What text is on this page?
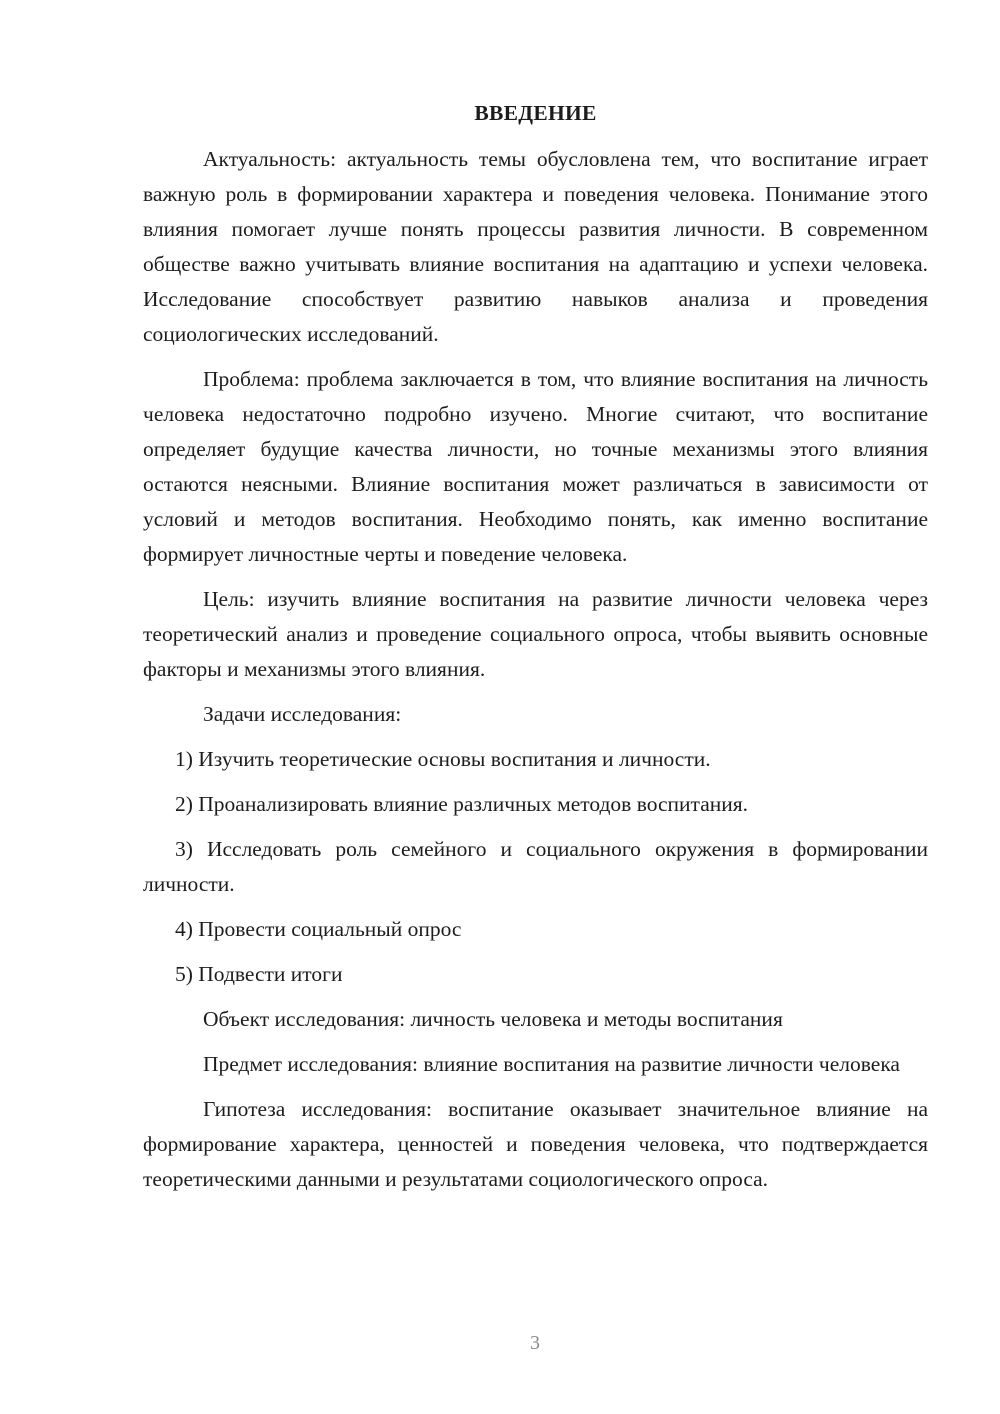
ВВЕДЕНИЕ

Актуальность: актуальность темы обусловлена тем, что воспитание играет важную роль в формировании характера и поведения человека. Понимание этого влияния помогает лучше понять процессы развития личности. В современном обществе важно учитывать влияние воспитания на адаптацию и успехи человека. Исследование способствует развитию навыков анализа и проведения социологических исследований.

Проблема: проблема заключается в том, что влияние воспитания на личность человека недостаточно подробно изучено. Многие считают, что воспитание определяет будущие качества личности, но точные механизмы этого влияния остаются неясными. Влияние воспитания может различаться в зависимости от условий и методов воспитания. Необходимо понять, как именно воспитание формирует личностные черты и поведение человека.

Цель: изучить влияние воспитания на развитие личности человека через теоретический анализ и проведение социального опроса, чтобы выявить основные факторы и механизмы этого влияния.

Задачи исследования:

1) Изучить теоретические основы воспитания и личности.

2) Проанализировать влияние различных методов воспитания.

3) Исследовать роль семейного и социального окружения в формировании личности.

4) Провести социальный опрос

5) Подвести итоги

Объект исследования: личность человека и методы воспитания

Предмет исследования: влияние воспитания на развитие личности человека

Гипотеза исследования: воспитание оказывает значительное влияние на формирование характера, ценностей и поведения человека, что подтверждается теоретическими данными и результатами социологического опроса.

3
